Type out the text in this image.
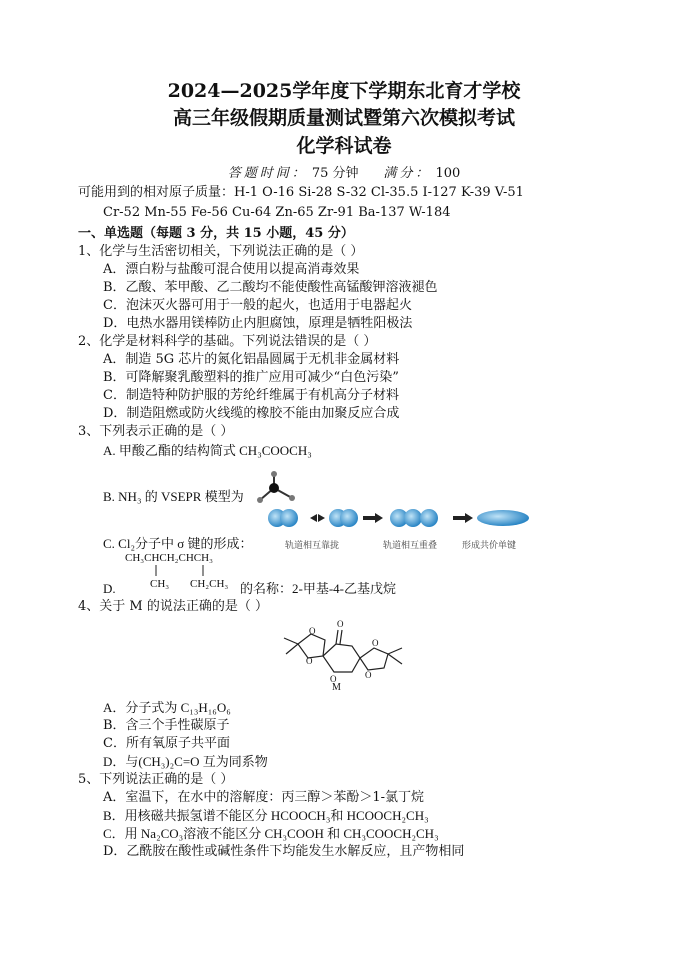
2024—2025学年度下学期东北育才学校
高三年级假期质量测试暨第六次模拟考试
化学科试卷
答题时间： 75 分钟 满分： 100
可能用到的相对原子质量：H-1 O-16 Si-28 S-32 Cl-35.5 I-127 K-39 V-51
Cr-52 Mn-55 Fe-56 Cu-64 Zn-65 Zr-91 Ba-137 W-184
一、单选题（每题 3 分，共 15 小题，45 分）
1、化学与生活密切相关，下列说法正确的是（ ）
A．漂白粉与盐酸可混合使用以提高消毒效果
B．乙酸、苯甲酸、乙二酸均不能使酸性高锰酸钾溶液褪色
C．泡沫灭火器可用于一般的起火，也适用于电器起火
D．电热水器用镁棒防止内胆腐蚀，原理是牺牲阳极法
2、化学是材料科学的基础。下列说法错误的是（ ）
A．制造 5G 芯片的氮化铝晶圆属于无机非金属材料
B．可降解聚乳酸塑料的推广应用可减少“白色污染”
C．制造特种防护服的芳纶纤维属于有机高分子材料
D．制造阻燃或防火线缆的橡胶不能由加聚反应合成
3、下列表示正确的是（ ）
A. 甲酸乙酯的结构简式 CH₃COOCH₃
B. NH₃ 的 VSEPR 模型为
C. Cl₂分子中 σ 键的形成：	轨道相互靠拢	轨道相互重叠	形成共价单键
CH₃CHCH₂CHCH₃
D.	CH₃ CH₂CH₃ 的名称：2-甲基-4-乙基戊烷
4、关于 M 的说法正确的是（ ）
O
O
O
O
O
O
M
A．分子式为 C₁₃H₁₆O₆
B．含三个手性碳原子
C．所有氧原子共平面
D．与(CH₃)₂C=O 互为同系物
5、下列说法正确的是（ ）
A．室温下，在水中的溶解度：丙三醇＞苯酚＞1-氯丁烷
B．用核磁共振氢谱不能区分 HCOOCH₃和 HCOOCH₂CH₃
C．用 Na₂CO₃溶液不能区分 CH₃COOH 和 CH₃COOCH₂CH₃
D．乙酰胺在酸性或碱性条件下均能发生水解反应，且产物相同
